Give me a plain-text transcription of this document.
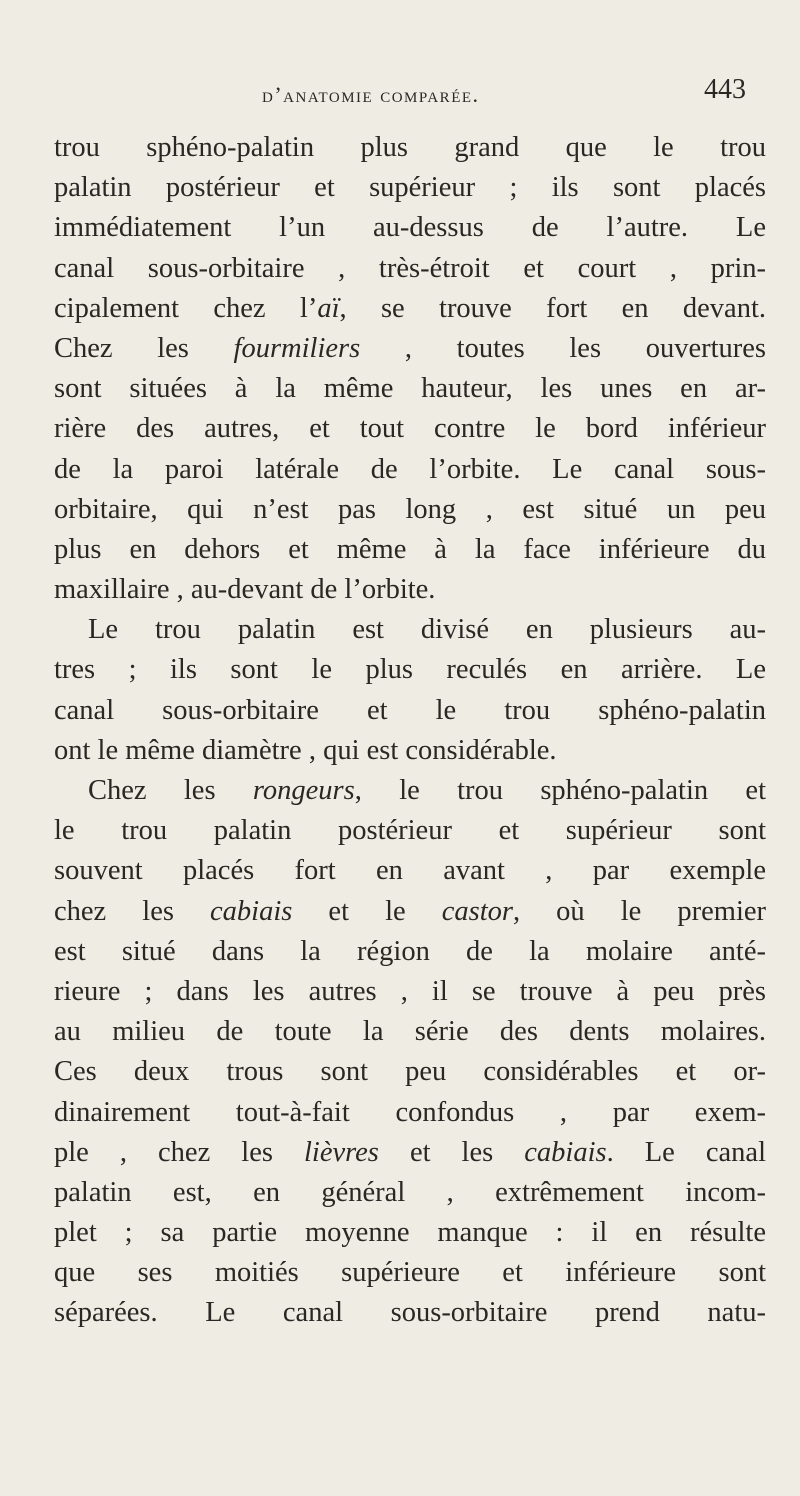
d’anatomie comparée.	443
trou sphéno-palatin plus grand que le trou
palatin postérieur et supérieur ; ils sont placés
immédiatement l’un au-dessus de l’autre. Le
canal sous-orbitaire , très-étroit et court , prin-
cipalement chez l’aï, se trouve fort en devant.
Chez les fourmiliers , toutes les ouvertures
sont situées à la même hauteur, les unes en ar-
rière des autres, et tout contre le bord inférieur
de la paroi latérale de l’orbite. Le canal sous-
orbitaire, qui n’est pas long , est situé un peu
plus en dehors et même à la face inférieure du
maxillaire , au-devant de l’orbite.
Le trou palatin est divisé en plusieurs au-
tres ; ils sont le plus reculés en arrière. Le
canal sous-orbitaire et le trou sphéno-palatin
ont le même diamètre , qui est considérable.
Chez les rongeurs, le trou sphéno-palatin et
le trou palatin postérieur et supérieur sont
souvent placés fort en avant , par exemple
chez les cabiais et le castor, où le premier
est situé dans la région de la molaire anté-
rieure ; dans les autres , il se trouve à peu près
au milieu de toute la série des dents molaires.
Ces deux trous sont peu considérables et or-
dinairement tout-à-fait confondus , par exem-
ple , chez les lièvres et les cabiais. Le canal
palatin est, en général , extrêmement incom-
plet ; sa partie moyenne manque : il en résulte
que ses moitiés supérieure et inférieure sont
séparées. Le canal sous-orbitaire prend natu-
